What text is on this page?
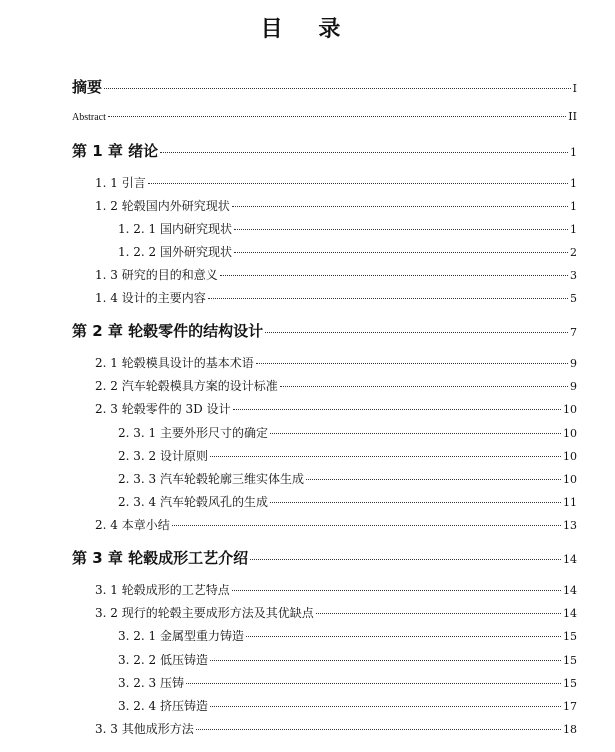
目 录
摘要	I
Abstract	II
第 1 章 绪论	1
1. 1 引言	1
1. 2 轮毂国内外研究现状	1
1. 2. 1 国内研究现状	1
1. 2. 2 国外研究现状	2
1. 3 研究的目的和意义	3
1. 4 设计的主要内容	5
第 2 章 轮毂零件的结构设计	7
2. 1 轮毂模具设计的基本术语	9
2. 2 汽车轮毂模具方案的设计标准	9
2. 3 轮毂零件的 3D 设计	10
2. 3. 1 主要外形尺寸的确定	10
2. 3. 2 设计原则	10
2. 3. 3 汽车轮毂轮廓三维实体生成	10
2. 3. 4 汽车轮毂风孔的生成	11
2. 4 本章小结	13
第 3 章 轮毂成形工艺介绍	14
3. 1 轮毂成形的工艺特点	14
3. 2 现行的轮毂主要成形方法及其优缺点	14
3. 2. 1 金属型重力铸造	15
3. 2. 2 低压铸造	15
3. 2. 3 压铸	15
3. 2. 4 挤压铸造	17
3. 3 其他成形方法	18
